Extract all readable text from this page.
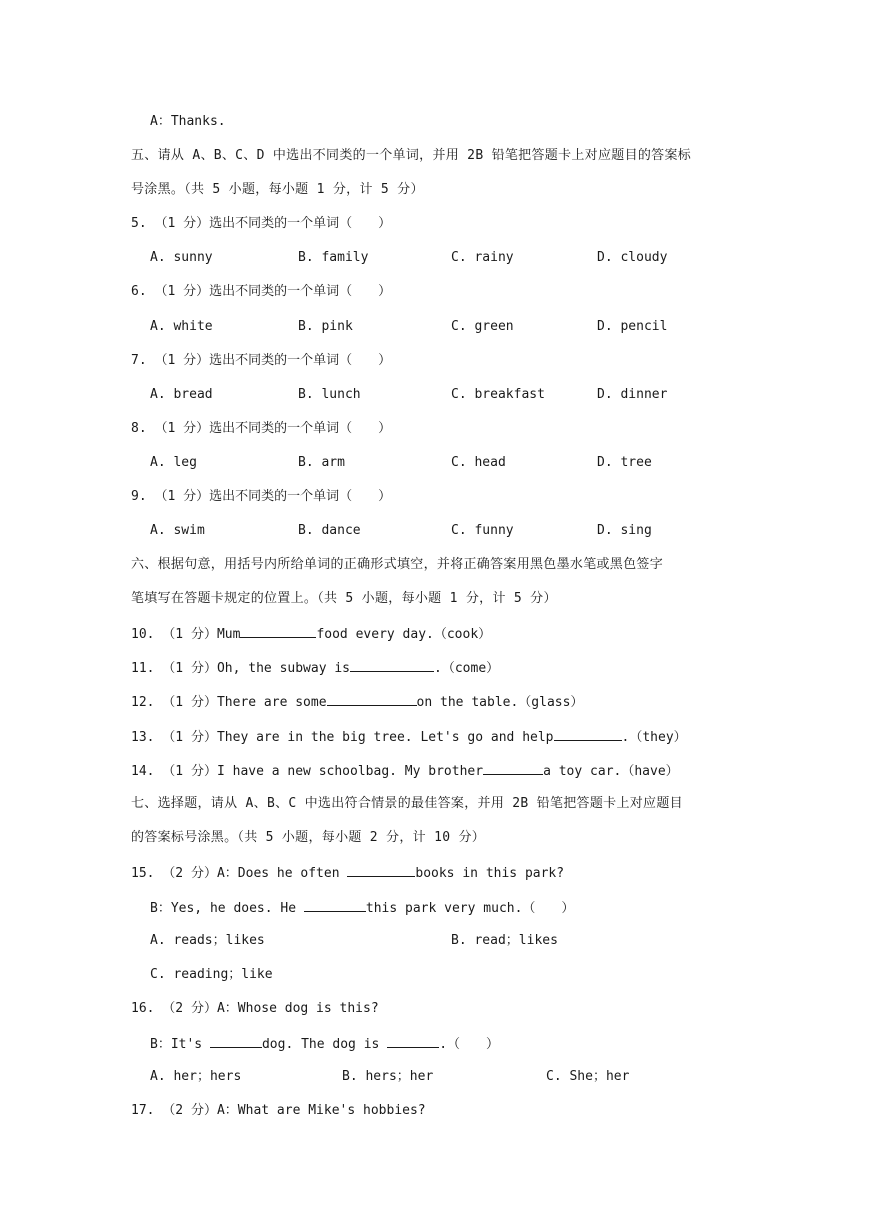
A：Thanks.
五、请从 A、B、C、D 中选出不同类的一个单词，并用 2B 铅笔把答题卡上对应题目的答案标
号涂黑。（共 5 小题，每小题 1 分，计 5 分）
5. （1 分）选出不同类的一个单词（　　）
A. sunny	B. family	C. rainy	D. cloudy
6. （1 分）选出不同类的一个单词（　　）
A. white	B. pink	C. green	D. pencil
7. （1 分）选出不同类的一个单词（　　）
A. bread	B. lunch	C. breakfast	D. dinner
8. （1 分）选出不同类的一个单词（　　）
A. leg	B. arm	C. head	D. tree
9. （1 分）选出不同类的一个单词（　　）
A. swim	B. dance	C. funny	D. sing
六、根据句意，用括号内所给单词的正确形式填空，并将正确答案用黑色墨水笔或黑色签字
笔填写在答题卡规定的位置上。（共 5 小题，每小题 1 分，计 5 分）
10. （1 分）Mum	food every day.（cook）
11. （1 分）Oh, the subway is	.（come）
12. （1 分）There are some	on the table.（glass）
13. （1 分）They are in the big tree. Let's go and help	.（they）
14. （1 分）I have a new schoolbag. My brother	a toy car.（have）
七、选择题，请从 A、B、C 中选出符合情景的最佳答案，并用 2B 铅笔把答题卡上对应题目
的答案标号涂黑。（共 5 小题，每小题 2 分，计 10 分）
15. （2 分）A：Does he often	books in this park?
B：Yes, he does. He	this park very much.（　　）
A. reads；likes	B. read；likes
C. reading；like
16. （2 分）A：Whose dog is this?
B：It's	dog. The dog is	.（　　）
A. her；hers	B. hers；her	C. She；her
17. （2 分）A：What are Mike's hobbies?
